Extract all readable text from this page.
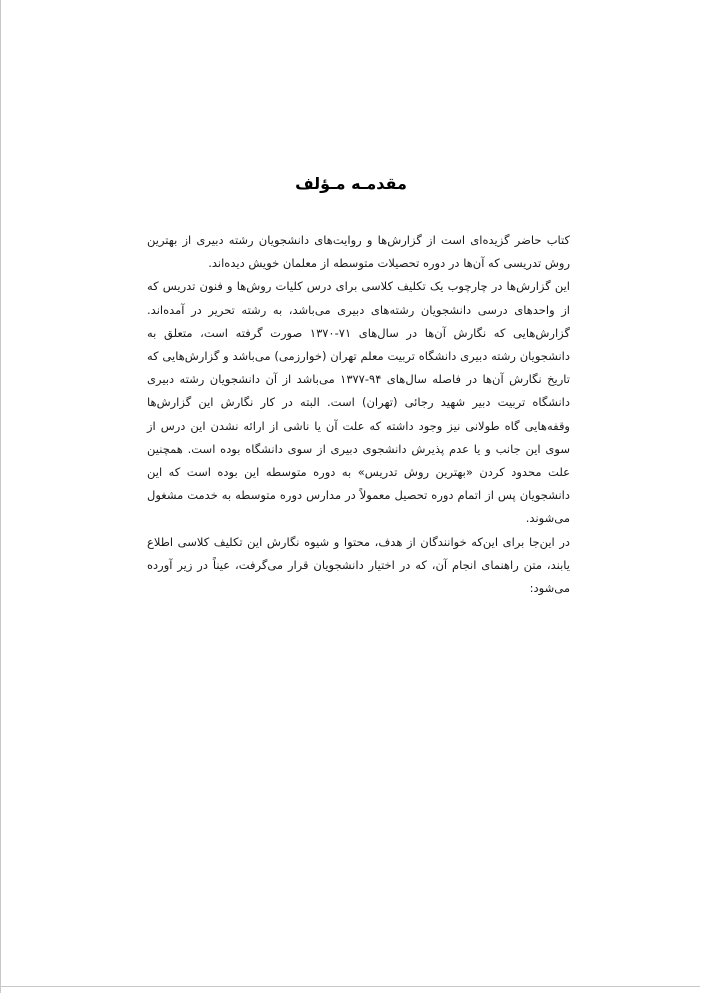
مقدمـه مـؤلف

کتاب حاضر گزیده‌ای است از گزارش‌ها و روایت‌های دانشجویان رشته دبیری از بهترین روش تدریسی که آن‌ها در دوره تحصیلات متوسطه از معلمان خویش دیده‌اند.

این گزارش‌ها در چارچوب یک تکلیف کلاسی برای درس کلیات روش‌ها و فنون تدریس که از واحدهای درسی دانشجویان رشته‌های دبیری می‌باشد، به رشته تحریر در آمده‌اند. گزارش‌هایی که نگارش آن‌ها در سال‌های ۷۱-۱۳۷۰ صورت گرفته است، متعلق به دانشجویان رشته دبیری دانشگاه تربیت معلم تهران (خوارزمی) می‌باشد و گزارش‌هایی که تاریخ نگارش آن‌ها در فاصله سال‌های ۹۴-۱۳۷۷ می‌باشد از آن دانشجویان رشته دبیری دانشگاه تربیت دبیر شهید رجائی (تهران) است. البته در کار نگارش این گزارش‌ها وقفه‌هایی گاه طولانی نیز وجود داشته که علت آن یا ناشی از ارائه نشدن این درس از سوی این جانب و یا عدم پذیرش دانشجوی دبیری از سوی دانشگاه بوده است. همچنین علت محدود کردن «بهترین روش تدریس» به دوره متوسطه این بوده است که این دانشجویان پس از اتمام دوره تحصیل معمولاً در مدارس دوره متوسطه به خدمت مشغول می‌شوند.

در این‌جا برای این‌که خوانندگان از هدف، محتوا و شیوه نگارش این تکلیف کلاسی اطلاع یابند، متن راهنمای انجام آن، که در اختیار دانشجویان قرار می‌گرفت، عیناً در زیر آورده می‌شود:
